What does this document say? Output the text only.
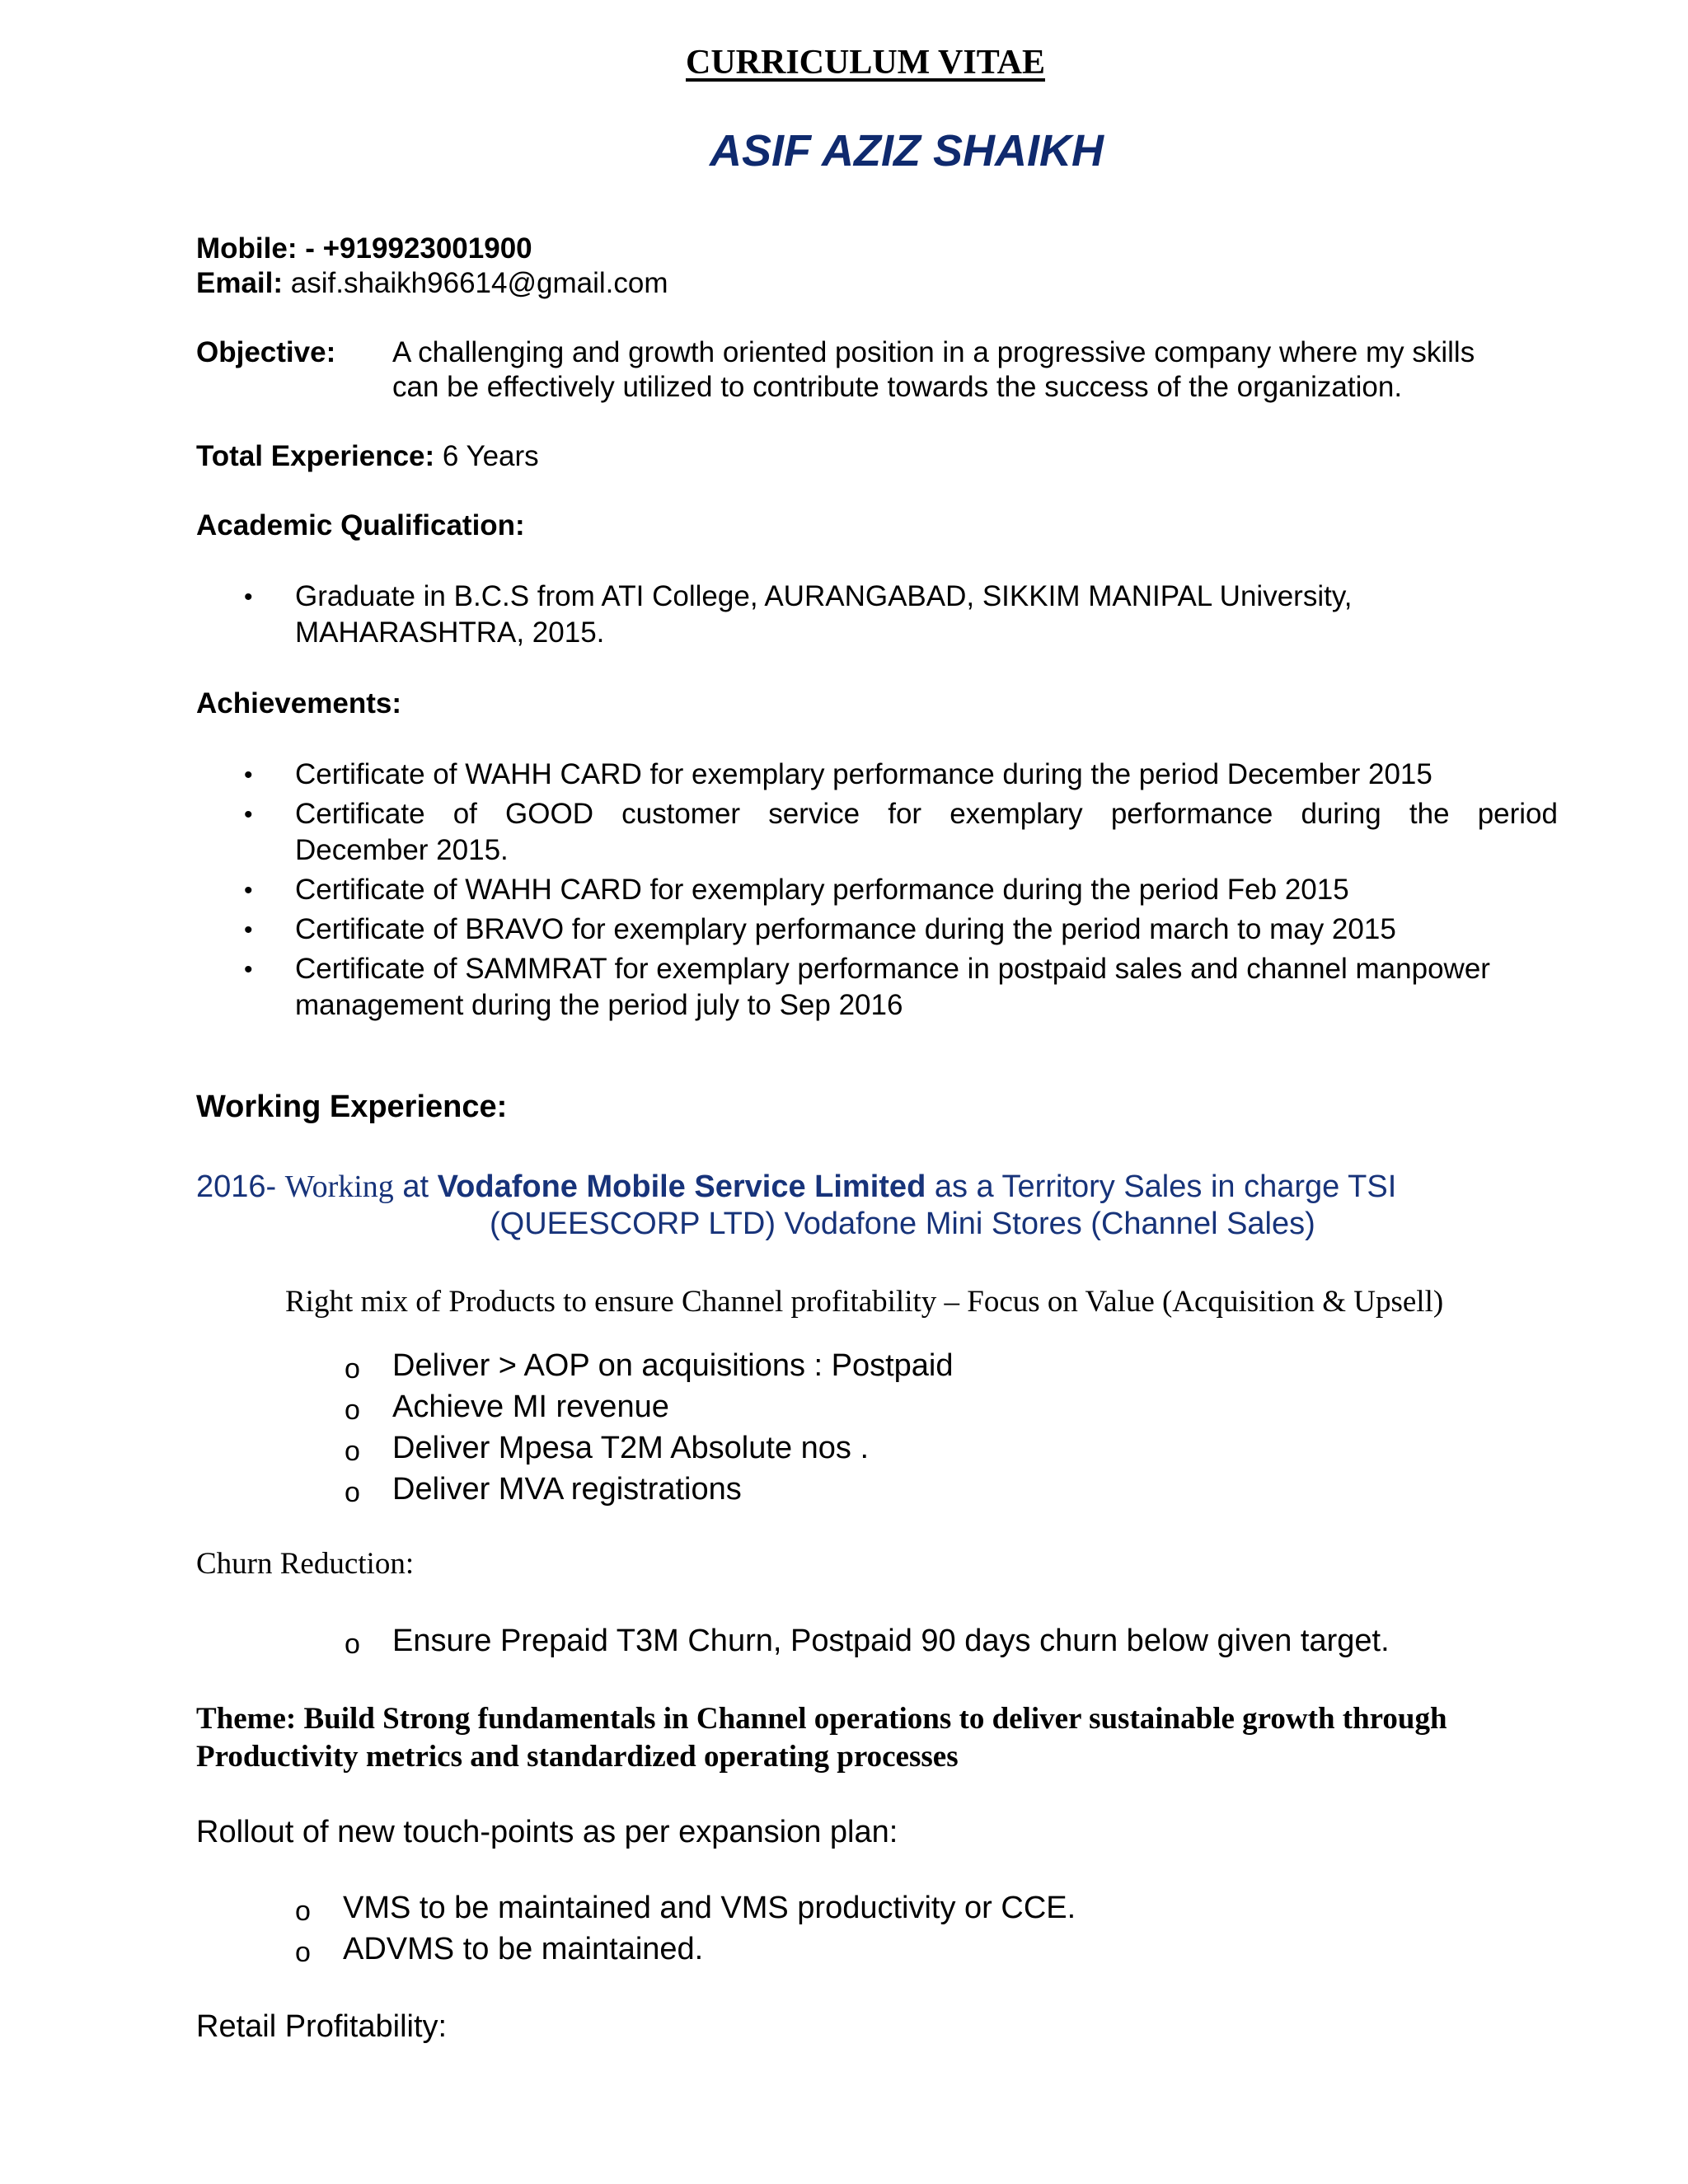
CURRICULUM VITAE
ASIF AZIZ SHAIKH
Mobile: - +919923001900
Email: asif.shaikh96614@gmail.com
Objective: A challenging and growth oriented position in a progressive company where my skills
can be effectively utilized to contribute towards the success of the organization.
Total Experience: 6 Years
Academic Qualification:
• Graduate in B.C.S from ATI College, AURANGABAD, SIKKIM MANIPAL University,
MAHARASHTRA, 2015.
Achievements:
• Certificate of WAHH CARD for exemplary performance during the period December 2015
• Certificate of GOOD customer service for exemplary performance during the period
December 2015.
• Certificate of WAHH CARD for exemplary performance during the period Feb 2015
• Certificate of BRAVO for exemplary performance during the period march to may 2015
• Certificate of SAMMRAT for exemplary performance in postpaid sales and channel manpower
management during the period july to Sep 2016
Working Experience:
2016- Working at Vodafone Mobile Service Limited as a Territory Sales in charge TSI
(QUEESCORP LTD) Vodafone Mini Stores (Channel Sales)
Right mix of Products to ensure Channel profitability – Focus on Value (Acquisition & Upsell)
o Deliver > AOP on acquisitions : Postpaid
o Achieve MI revenue
o Deliver Mpesa T2M Absolute nos .
o Deliver MVA registrations
Churn Reduction:
o Ensure Prepaid T3M Churn, Postpaid 90 days churn below given target.
Theme: Build Strong fundamentals in Channel operations to deliver sustainable growth through
Productivity metrics and standardized operating processes
Rollout of new touch-points as per expansion plan:
o VMS to be maintained and VMS productivity or CCE.
o ADVMS to be maintained.
Retail Profitability:
